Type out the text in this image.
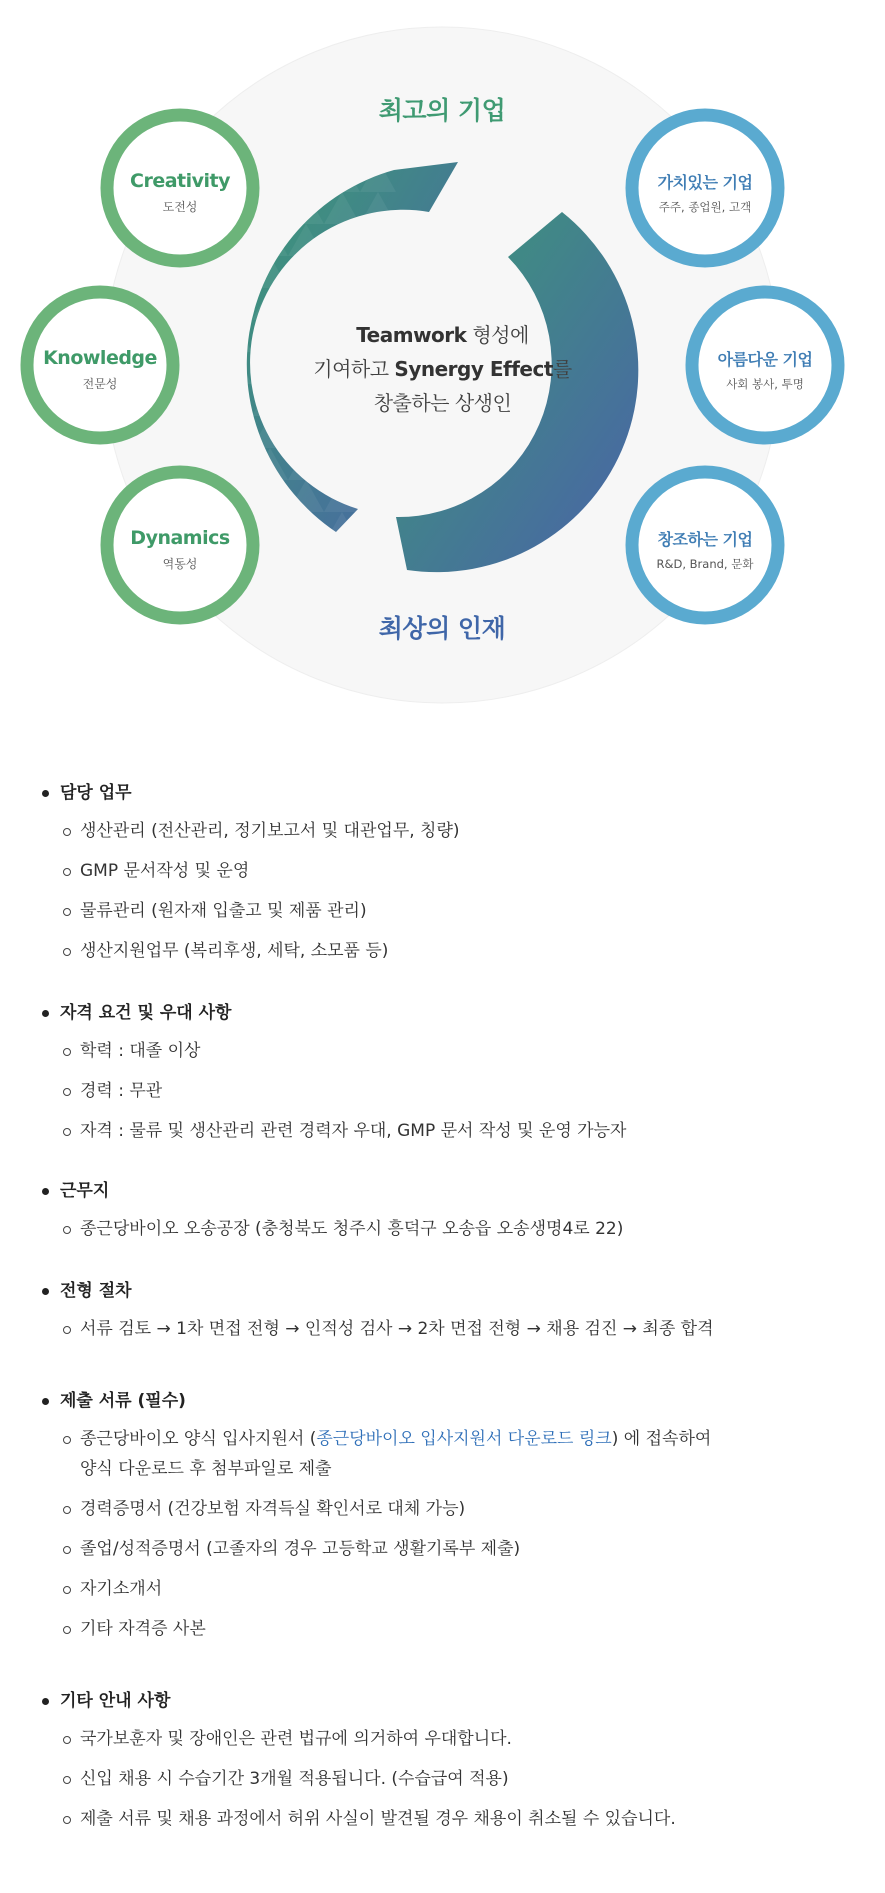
최고의 기업
최상의 인재
Teamwork 형성에
기여하고 Synergy Effect를
창출하는 상생인
Creativity
도전성
Knowledge
전문성
Dynamics
역동성
가치있는 기업
주주, 종업원, 고객
아름다운 기업
사회 봉사, 투명
창조하는 기업
R&D, Brand, 문화
담당 업무
생산관리 (전산관리, 정기보고서 및 대관업무, 칭량)
GMP 문서작성 및 운영
물류관리 (원자재 입출고 및 제품 관리)
생산지원업무 (복리후생, 세탁, 소모품 등)
자격 요건 및 우대 사항
학력 : 대졸 이상
경력 : 무관
자격 : 물류 및 생산관리 관련 경력자 우대, GMP 문서 작성 및 운영 가능자
근무지
종근당바이오 오송공장 (충청북도 청주시 흥덕구 오송읍 오송생명4로 22)
전형 절차
서류 검토 → 1차 면접 전형 → 인적성 검사 → 2차 면접 전형 → 채용 검진 → 최종 합격
제출 서류 (필수)
종근당바이오 양식 입사지원서 (종근당바이오 입사지원서 다운로드 링크) 에 접속하여
양식 다운로드 후 첨부파일로 제출
경력증명서 (건강보험 자격득실 확인서로 대체 가능)
졸업/성적증명서 (고졸자의 경우 고등학교 생활기록부 제출)
자기소개서
기타 자격증 사본
기타 안내 사항
국가보훈자 및 장애인은 관련 법규에 의거하여 우대합니다.
신입 채용 시 수습기간 3개월 적용됩니다. (수습급여 적용)
제출 서류 및 채용 과정에서 허위 사실이 발견될 경우 채용이 취소될 수 있습니다.
